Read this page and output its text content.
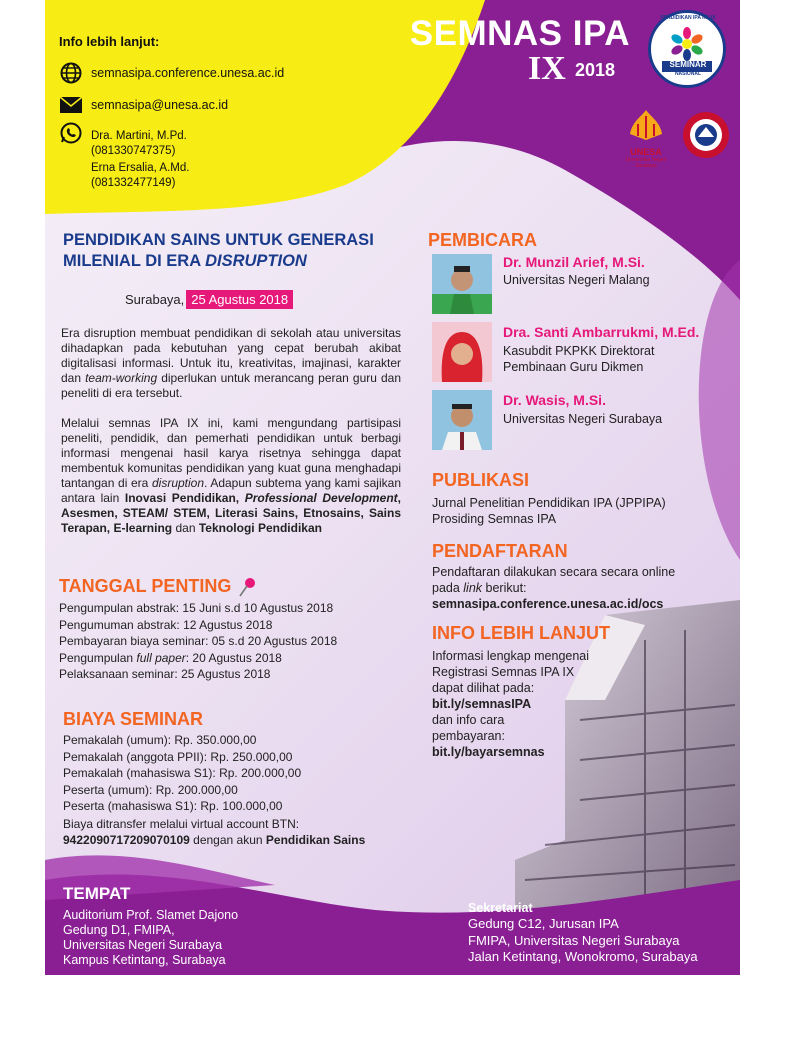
Info lebih lanjut:
semnasipa.conference.unesa.ac.id
semnasipa@unesa.ac.id
Dra. Martini, M.Pd.
(081330747375)
Erna Ersalia, A.Md.
(081332477149)
SEMNAS IPA
IX 2018	SEMINAR
NASIONAL
PENDIDIKAN IPA KE-IX
UNESA
Universitas Negeri Surabaya
PENDIDIKAN SAINS UNTUK GENERASI
MILENIAL DI ERA DISRUPTION
Surabaya, 25 Agustus 2018
Era disruption membuat pendidikan di sekolah atau universitas dihadapkan pada kebutuhan yang cepat berubah akibat digitalisasi informasi. Untuk itu, kreativitas, imajinasi, karakter dan team-working diperlukan untuk merancang peran guru dan peneliti di era tersebut.
Melalui semnas IPA IX ini, kami mengundang partisipasi peneliti, pendidik, dan pemerhati pendidikan untuk berbagi informasi mengenai hasil karya risetnya sehingga dapat membentuk komunitas pendidikan yang kuat guna menghadapi tantangan di era disruption. Adapun subtema yang kami sajikan antara lain Inovasi Pendidikan, Professional Development, Asesmen, STEAM/ STEM, Literasi Sains, Etnosains, Sains Terapan, E-learning dan Teknologi Pendidikan
TANGGAL PENTING
Pengumpulan abstrak: 15 Juni s.d 10 Agustus 2018
Pengumuman abstrak: 12 Agustus 2018
Pembayaran biaya seminar: 05 s.d 20 Agustus 2018
Pengumpulan full paper: 20 Agustus 2018
Pelaksanaan seminar: 25 Agustus 2018
BIAYA SEMINAR
Pemakalah (umum): Rp. 350.000,00
Pemakalah (anggota PPII): Rp. 250.000,00
Pemakalah (mahasiswa S1): Rp. 200.000,00
Peserta (umum): Rp. 200.000,00
Peserta (mahasiswa S1): Rp. 100.000,00
Biaya ditransfer melalui virtual account BTN:
9422090717209070109 dengan akun Pendidikan Sains
PEMBICARA
Dr. Munzil Arief, M.Si.
Universitas Negeri Malang
Dra. Santi Ambarrukmi, M.Ed.
Kasubdit PKPKK Direktorat
Pembinaan Guru Dikmen
Dr. Wasis, M.Si.
Universitas Negeri Surabaya
PUBLIKASI
Jurnal Penelitian Pendidikan IPA (JPPIPA)
Prosiding Semnas IPA
PENDAFTARAN
Pendaftaran dilakukan secara secara online
pada link berikut:
semnasipa.conference.unesa.ac.id/ocs
INFO LEBIH LANJUT
Informasi lengkap mengenai
Registrasi Semnas IPA IX
dapat dilihat pada:
bit.ly/semnasIPA
dan info cara
pembayaran:
bit.ly/bayarsemnas
TEMPAT
Auditorium Prof. Slamet Dajono
Gedung D1, FMIPA,
Universitas Negeri Surabaya
Kampus Ketintang, Surabaya
Sekretariat
Gedung C12, Jurusan IPA
FMIPA, Universitas Negeri Surabaya
Jalan Ketintang, Wonokromo, Surabaya
